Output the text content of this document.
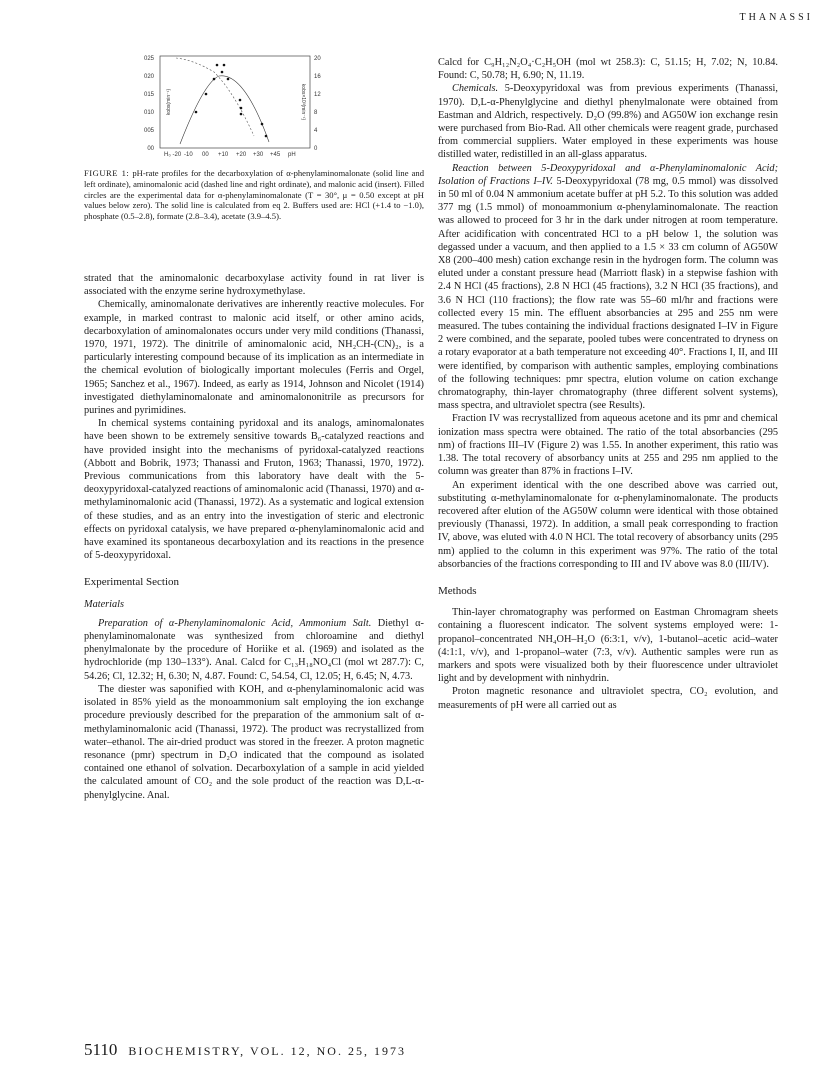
THANASSI
025
020
015
010
005
00
20
16
12
8
4
0
H₀ -20 -10 00 +10 +20 +30 +45 pH
kobs(min⁻¹)	kobs×10³(min⁻¹)
FIGURE 1: pH-rate profiles for the decarboxylation of α-phenylaminomalonate (solid line and left ordinate), aminomalonic acid (dashed line and right ordinate), and malonic acid (insert). Filled circles are the experimental data for α-phenylaminomalonate (T = 30°, μ = 0.50 except at pH values below zero). The solid line is calculated from eq 2. Buffers used are: HCl (+1.4 to −1.0), phosphate (0.5–2.8), formate (2.8–3.4), acetate (3.9–4.5).

strated that the aminomalonic decarboxylase activity found in rat liver is associated with the enzyme serine hydroxymethylase.

Chemically, aminomalonate derivatives are inherently reactive molecules. For example, in marked contrast to malonic acid itself, or other amino acids, decarboxylation of aminomalonates occurs under very mild conditions (Thanassi, 1970, 1971, 1972). The dinitrile of aminomalonic acid, NH₂CH-(CN)₂, is a particularly interesting compound because of its implication as an intermediate in the chemical evolution of biologically important molecules (Ferris and Orgel, 1965; Sanchez et al., 1967). Indeed, as early as 1914, Johnson and Nicolet (1914) investigated diethylaminomalonate and aminomalononitrile as precursors for purines and pyrimidines.

In chemical systems containing pyridoxal and its analogs, aminomalonates have been shown to be extremely sensitive towards B₆-catalyzed reactions and have provided insight into the mechanisms of pyridoxal-catalyzed reactions (Abbott and Bobrik, 1973; Thanassi and Fruton, 1963; Thanassi, 1970, 1972). Previous communications from this laboratory have dealt with the 5-deoxypyridoxal-catalyzed reactions of aminomalonic acid (Thanassi, 1970) and α-methylaminomalonic acid (Thanassi, 1972). As a systematic and logical extension of these studies, and as an entry into the investigation of steric and electronic effects on pyridoxal catalysis, we have prepared α-phenylaminomalonic acid and have examined its spontaneous decarboxylation and its reactions in the presence of 5-deoxypyridoxal.

Experimental Section
Materials

Preparation of α-Phenylaminomalonic Acid, Ammonium Salt. Diethyl α-phenylaminomalonate was synthesized from chloroamine and diethyl phenylmalonate by the procedure of Horiike et al. (1969) and isolated as the hydrochloride (mp 130–133°). Anal. Calcd for C₁₃H₁₈NO₄Cl (mol wt 287.7): C, 54.26; Cl, 12.32; H, 6.30; N, 4.87. Found: C, 54.54, Cl, 12.05; H, 6.45; N, 4.73.

The diester was saponified with KOH, and α-phenylaminomalonic acid was isolated in 85% yield as the monoammonium salt employing the ion exchange procedure previously described for the preparation of the ammonium salt of α-methylaminomalonic acid (Thanassi, 1972). The product was recrystallized from water–ethanol. The air-dried product was stored in the freezer. A proton magnetic resonance (pmr) spectrum in D₂O indicated that the compound as isolated contained one ethanol of solvation. Decarboxylation of a sample in acid yielded the calculated amount of CO₂ and the sole product of the reaction was D,L-α-phenylglycine. Anal.

Calcd for C₉H₁₂N₂O₄·C₂H₅OH (mol wt 258.3): C, 51.15; H, 7.02; N, 10.84. Found: C, 50.78; H, 6.90; N, 11.19.

Chemicals. 5-Deoxypyridoxal was from previous experiments (Thanassi, 1970). D,L-α-Phenylglycine and diethyl phenylmalonate were obtained from Eastman and Aldrich, respectively. D₂O (99.8%) and AG50W ion exchange resin were purchased from Bio-Rad. All other chemicals were reagent grade, purchased from commercial suppliers. Water employed in these experiments was house distilled water, redistilled in an all-glass apparatus.

Reaction between 5-Deoxypyridoxal and α-Phenylaminomalonic Acid; Isolation of Fractions I–IV. 5-Deoxypyridoxal (78 mg, 0.5 mmol) was dissolved in 50 ml of 0.04 N ammonium acetate buffer at pH 5.2. To this solution was added 377 mg (1.5 mmol) of monoammonium α-phenylaminomalonate. The reaction was allowed to proceed for 3 hr in the dark under nitrogen at room temperature. After acidification with concentrated HCl to a pH below 1, the solution was degassed under a vacuum, and then applied to a 1.5 × 33 cm column of AG50W X8 (200–400 mesh) cation exchange resin in the hydrogen form. The column was eluted under a constant pressure head (Marriott flask) in a stepwise fashion with 2.4 N HCl (45 fractions), 2.8 N HCl (45 fractions), 3.2 N HCl (35 fractions), and 3.6 N HCl (110 fractions); the flow rate was 55–60 ml/hr and fractions were collected every 15 min. The effluent absorbancies at 295 and 255 nm were measured. The tubes containing the individual fractions designated I–IV in Figure 2 were combined, and the separate, pooled tubes were concentrated to dryness on a rotary evaporator at a bath temperature not exceeding 40°. Fractions I, II, and III were identified, by comparison with authentic samples, employing combinations of the following techniques: pmr spectra, elution volume on cation exchange chromatography, thin-layer chromatography (three different solvent systems), mass spectra, and ultraviolet spectra (see Results).

Fraction IV was recrystallized from aqueous acetone and its pmr and chemical ionization mass spectra were obtained. The ratio of the total absorbancies (295 nm) of fractions III–IV (Figure 2) was 1.55. In another experiment, this ratio was 1.38. The total recovery of absorbancy units at 255 and 295 nm applied to the column was greater than 87% in fractions I–IV.

An experiment identical with the one described above was carried out, substituting α-methylaminomalonate for α-phenylaminomalonate. The products recovered after elution of the AG50W column were identical with those obtained previously (Thanassi, 1972). In addition, a small peak corresponding to fraction IV, above, was eluted with 4.0 N HCl. The total recovery of absorbancy units (295 nm) applied to the column in this experiment was 97%. The ratio of the total absorbancies of the fractions corresponding to III and IV above was 8.0 (III/IV).

Methods

Thin-layer chromatography was performed on Eastman Chromagram sheets containing a fluorescent indicator. The solvent systems employed were: 1-propanol–concentrated NH₄OH–H₂O (6:3:1, v/v), 1-butanol–acetic acid–water (4:1:1, v/v), and 1-propanol–water (7:3, v/v). Authentic samples were run as markers and spots were visualized both by their fluorescence under ultraviolet light and by development with ninhydrin.

Proton magnetic resonance and ultraviolet spectra, CO₂ evolution, and measurements of pH were all carried out as

5110 BIOCHEMISTRY, VOL. 12, NO. 25, 1973
